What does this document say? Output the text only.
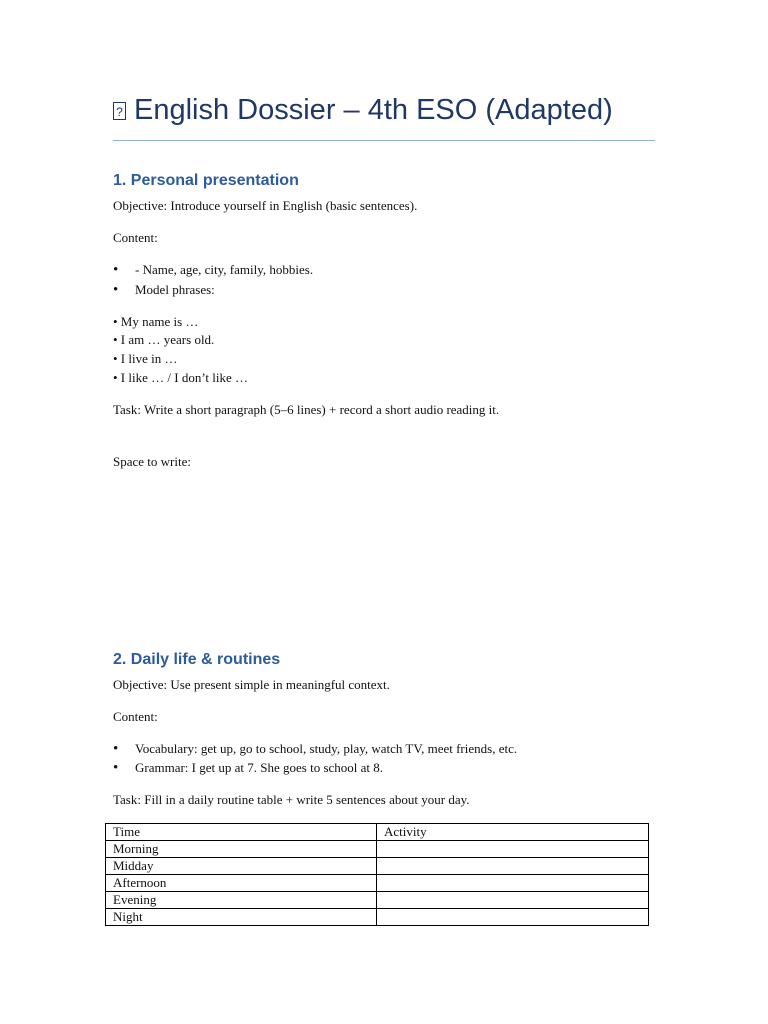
? English Dossier – 4th ESO (Adapted)
1. Personal presentation
Objective: Introduce yourself in English (basic sentences).
Content:
• - Name, age, city, family, hobbies.
• Model phrases:
• My name is …
• I am … years old.
• I live in …
• I like … / I don’t like …
Task: Write a short paragraph (5–6 lines) + record a short audio reading it.
Space to write:
2. Daily life & routines
Objective: Use present simple in meaningful context.
Content:
• Vocabulary: get up, go to school, study, play, watch TV, meet friends, etc.
• Grammar: I get up at 7. She goes to school at 8.
Task: Fill in a daily routine table + write 5 sentences about your day.
Time	Activity
Morning	
Midday	
Afternoon	
Evening	
Night	
